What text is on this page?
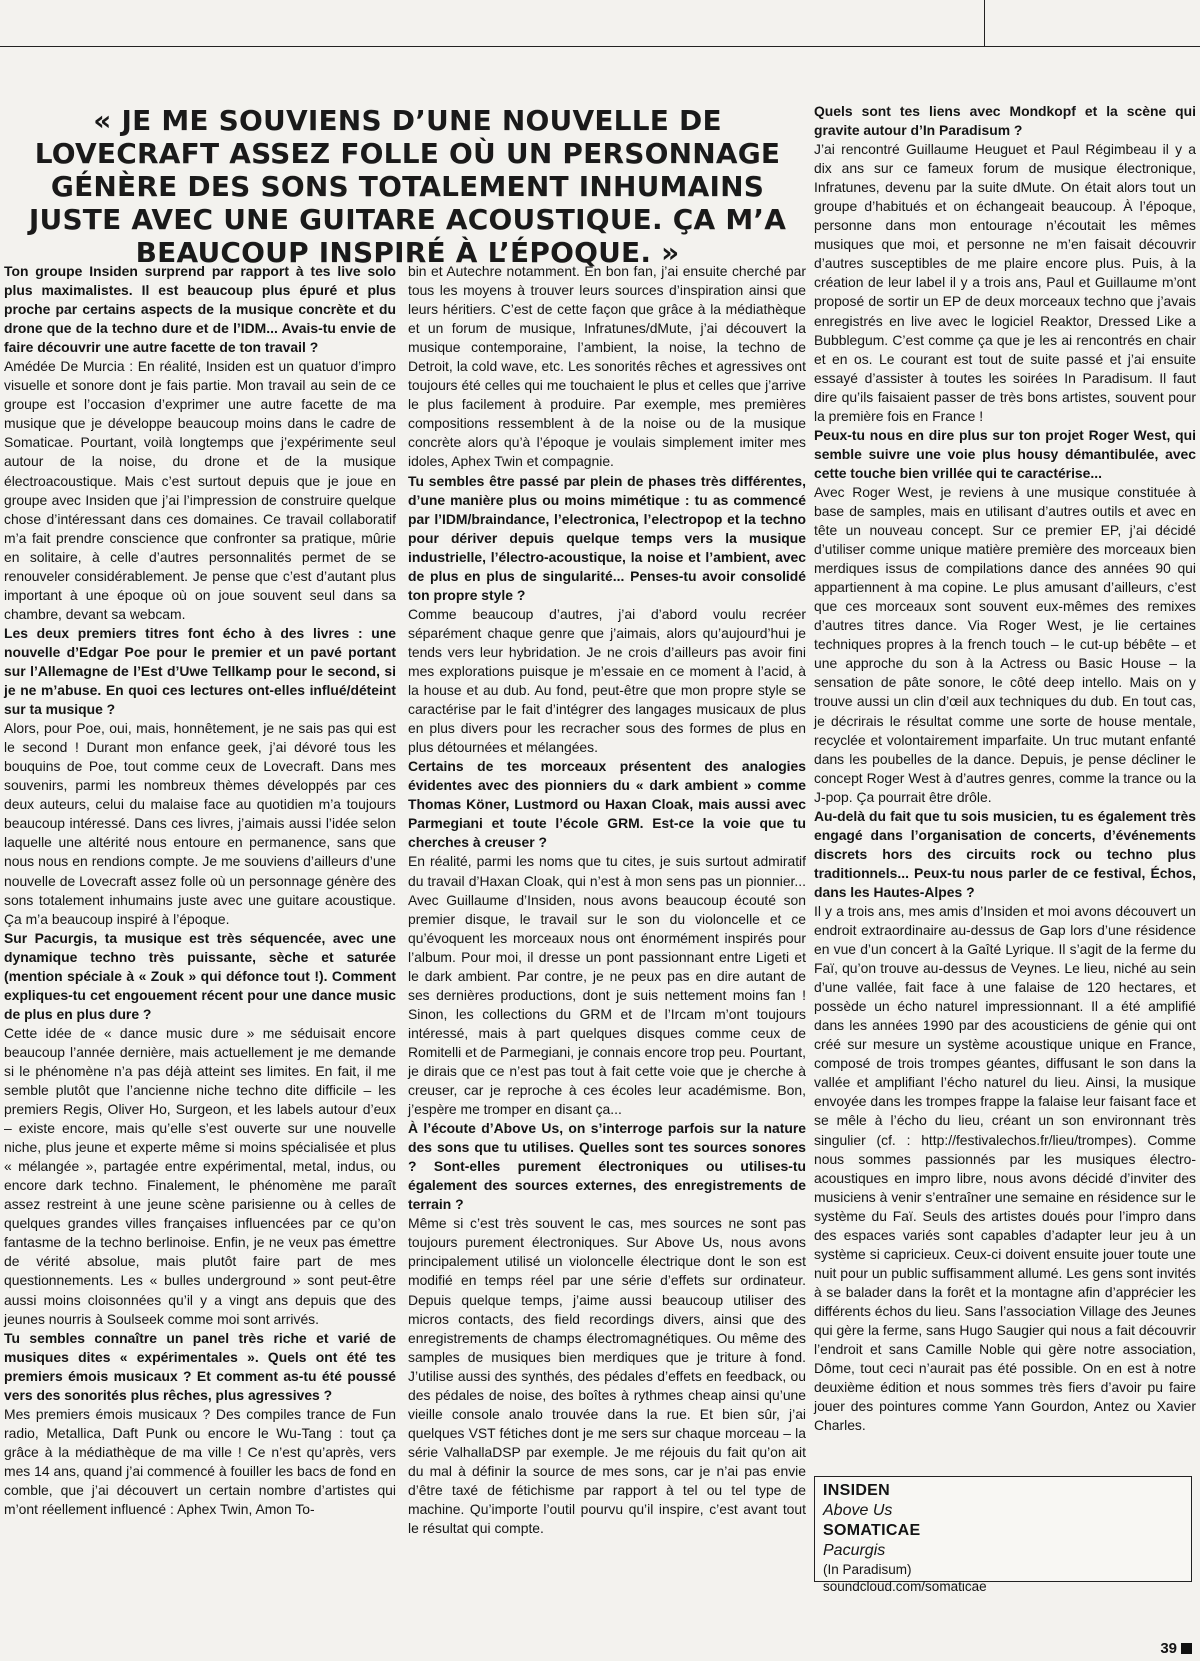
« JE ME SOUVIENS D’UNE NOUVELLE DE LOVECRAFT ASSEZ FOLLE OÙ UN PERSONNAGE GÉNÈRE DES SONS TOTALEMENT INHUMAINS JUSTE AVEC UNE GUITARE ACOUSTIQUE. ÇA M’A BEAUCOUP INSPIRÉ À L’ÉPOQUE. »

Ton groupe Insiden surprend par rapport à tes live solo plus maximalistes. Il est beaucoup plus épuré et plus proche par certains aspects de la musique concrète et du drone que de la techno dure et de l’IDM... Avais-tu envie de faire découvrir une autre facette de ton travail ?

Amédée De Murcia : En réalité, Insiden est un quatuor d’impro visuelle et sonore dont je fais partie. Mon travail au sein de ce groupe est l’occasion d’exprimer une autre facette de ma musique que je développe beaucoup moins dans le cadre de Somaticae. Pourtant, voilà longtemps que j’expérimente seul autour de la noise, du drone et de la musique électroacoustique. Mais c’est surtout depuis que je joue en groupe avec Insiden que j’ai l’impression de construire quelque chose d’intéressant dans ces domaines. Ce travail collaboratif m’a fait prendre conscience que confronter sa pratique, mûrie en solitaire, à celle d’autres personnalités permet de se renouveler considérablement. Je pense que c’est d’autant plus important à une époque où on joue souvent seul dans sa chambre, devant sa webcam.

Les deux premiers titres font écho à des livres : une nouvelle d’Edgar Poe pour le premier et un pavé portant sur l’Allemagne de l’Est d’Uwe Tellkamp pour le second, si je ne m’abuse. En quoi ces lectures ont-elles influé/déteint sur ta musique ?

Alors, pour Poe, oui, mais, honnêtement, je ne sais pas qui est le second ! Durant mon enfance geek, j’ai dévoré tous les bouquins de Poe, tout comme ceux de Lovecraft. Dans mes souvenirs, parmi les nombreux thèmes développés par ces deux auteurs, celui du malaise face au quotidien m’a toujours beaucoup intéressé. Dans ces livres, j’aimais aussi l’idée selon laquelle une altérité nous entoure en permanence, sans que nous nous en rendions compte. Je me souviens d’ailleurs d’une nouvelle de Lovecraft assez folle où un personnage génère des sons totalement inhumains juste avec une guitare acoustique. Ça m’a beaucoup inspiré à l’époque.

Sur Pacurgis, ta musique est très séquencée, avec une dynamique techno très puissante, sèche et saturée (mention spéciale à « Zouk » qui défonce tout !). Comment expliques-tu cet engouement récent pour une dance music de plus en plus dure ?

Cette idée de « dance music dure » me séduisait encore beaucoup l’année dernière, mais actuellement je me demande si le phénomène n’a pas déjà atteint ses limites. En fait, il me semble plutôt que l’ancienne niche techno dite difficile – les premiers Regis, Oliver Ho, Surgeon, et les labels autour d’eux – existe encore, mais qu’elle s’est ouverte sur une nouvelle niche, plus jeune et experte même si moins spécialisée et plus « mélangée », partagée entre expérimental, metal, indus, ou encore dark techno. Finalement, le phénomène me paraît assez restreint à une jeune scène parisienne ou à celles de quelques grandes villes françaises influencées par ce qu’on fantasme de la techno berlinoise. Enfin, je ne veux pas émettre de vérité absolue, mais plutôt faire part de mes questionnements. Les « bulles underground » sont peut-être aussi moins cloisonnées qu’il y a vingt ans depuis que des jeunes nourris à Soulseek comme moi sont arrivés.

Tu sembles connaître un panel très riche et varié de musiques dites « expérimentales ». Quels ont été tes premiers émois musicaux ? Et comment as-tu été poussé vers des sonorités plus rêches, plus agressives ?

Mes premiers émois musicaux ? Des compiles trance de Fun radio, Metallica, Daft Punk ou encore le Wu-Tang : tout ça grâce à la médiathèque de ma ville ! Ce n’est qu’après, vers mes 14 ans, quand j’ai commencé à fouiller les bacs de fond en comble, que j’ai découvert un certain nombre d’artistes qui m’ont réellement influencé : Aphex Twin, Amon To-

bin et Autechre notamment. En bon fan, j’ai ensuite cherché par tous les moyens à trouver leurs sources d’inspiration ainsi que leurs héritiers. C’est de cette façon que grâce à la médiathèque et un forum de musique, Infratunes/dMute, j’ai découvert la musique contemporaine, l’ambient, la noise, la techno de Detroit, la cold wave, etc. Les sonorités rêches et agressives ont toujours été celles qui me touchaient le plus et celles que j’arrive le plus facilement à produire. Par exemple, mes premières compositions ressemblent à de la noise ou de la musique concrète alors qu’à l’époque je voulais simplement imiter mes idoles, Aphex Twin et compagnie.

Tu sembles être passé par plein de phases très différentes, d’une manière plus ou moins mimétique : tu as commencé par l’IDM/braindance, l’electronica, l’electropop et la techno pour dériver depuis quelque temps vers la musique industrielle, l’électro-acoustique, la noise et l’ambient, avec de plus en plus de singularité... Penses-tu avoir consolidé ton propre style ?

Comme beaucoup d’autres, j’ai d’abord voulu recréer séparément chaque genre que j’aimais, alors qu’aujourd’hui je tends vers leur hybridation. Je ne crois d’ailleurs pas avoir fini mes explorations puisque je m’essaie en ce moment à l’acid, à la house et au dub. Au fond, peut-être que mon propre style se caractérise par le fait d’intégrer des langages musicaux de plus en plus divers pour les recracher sous des formes de plus en plus détournées et mélangées.

Certains de tes morceaux présentent des analogies évidentes avec des pionniers du « dark ambient » comme Thomas Köner, Lustmord ou Haxan Cloak, mais aussi avec Parmegiani et toute l’école GRM. Est-ce la voie que tu cherches à creuser ?

En réalité, parmi les noms que tu cites, je suis surtout admiratif du travail d’Haxan Cloak, qui n’est à mon sens pas un pionnier... Avec Guillaume d’Insiden, nous avons beaucoup écouté son premier disque, le travail sur le son du violoncelle et ce qu’évoquent les morceaux nous ont énormément inspirés pour l’album. Pour moi, il dresse un pont passionnant entre Ligeti et le dark ambient. Par contre, je ne peux pas en dire autant de ses dernières productions, dont je suis nettement moins fan ! Sinon, les collections du GRM et de l’Ircam m’ont toujours intéressé, mais à part quelques disques comme ceux de Romitelli et de Parmegiani, je connais encore trop peu. Pourtant, je dirais que ce n’est pas tout à fait cette voie que je cherche à creuser, car je reproche à ces écoles leur académisme. Bon, j’espère me tromper en disant ça...

À l’écoute d’Above Us, on s’interroge parfois sur la nature des sons que tu utilises. Quelles sont tes sources sonores ? Sont-elles purement électroniques ou utilises-tu également des sources externes, des enregistrements de terrain ?

Même si c’est très souvent le cas, mes sources ne sont pas toujours purement électroniques. Sur Above Us, nous avons principalement utilisé un violoncelle électrique dont le son est modifié en temps réel par une série d’effets sur ordinateur. Depuis quelque temps, j’aime aussi beaucoup utiliser des micros contacts, des field recordings divers, ainsi que des enregistrements de champs électromagnétiques. Ou même des samples de musiques bien merdiques que je triture à fond. J’utilise aussi des synthés, des pédales d’effets en feedback, ou des pédales de noise, des boîtes à rythmes cheap ainsi qu’une vieille console analo trouvée dans la rue. Et bien sûr, j’ai quelques VST fétiches dont je me sers sur chaque morceau – la série ValhallaDSP par exemple. Je me réjouis du fait qu’on ait du mal à définir la source de mes sons, car je n’ai pas envie d’être taxé de fétichisme par rapport à tel ou tel type de machine. Qu’importe l’outil pourvu qu’il inspire, c’est avant tout le résultat qui compte.

Quels sont tes liens avec Mondkopf et la scène qui gravite autour d’In Paradisum ?

J’ai rencontré Guillaume Heuguet et Paul Régimbeau il y a dix ans sur ce fameux forum de musique électronique, Infratunes, devenu par la suite dMute. On était alors tout un groupe d’habitués et on échangeait beaucoup. À l’époque, personne dans mon entourage n’écoutait les mêmes musiques que moi, et personne ne m’en faisait découvrir d’autres susceptibles de me plaire encore plus. Puis, à la création de leur label il y a trois ans, Paul et Guillaume m’ont proposé de sortir un EP de deux morceaux techno que j’avais enregistrés en live avec le logiciel Reaktor, Dressed Like a Bubblegum. C’est comme ça que je les ai rencontrés en chair et en os. Le courant est tout de suite passé et j’ai ensuite essayé d’assister à toutes les soirées In Paradisum. Il faut dire qu’ils faisaient passer de très bons artistes, souvent pour la première fois en France !

Peux-tu nous en dire plus sur ton projet Roger West, qui semble suivre une voie plus housy démantibulée, avec cette touche bien vrillée qui te caractérise...

Avec Roger West, je reviens à une musique constituée à base de samples, mais en utilisant d’autres outils et avec en tête un nouveau concept. Sur ce premier EP, j’ai décidé d’utiliser comme unique matière première des morceaux bien merdiques issus de compilations dance des années 90 qui appartiennent à ma copine. Le plus amusant d’ailleurs, c’est que ces morceaux sont souvent eux-mêmes des remixes d’autres titres dance. Via Roger West, je lie certaines techniques propres à la french touch – le cut-up bébête – et une approche du son à la Actress ou Basic House – la sensation de pâte sonore, le côté deep intello. Mais on y trouve aussi un clin d’œil aux techniques du dub. En tout cas, je décrirais le résultat comme une sorte de house mentale, recyclée et volontairement imparfaite. Un truc mutant enfanté dans les poubelles de la dance. Depuis, je pense décliner le concept Roger West à d’autres genres, comme la trance ou la J-pop. Ça pourrait être drôle.

Au-delà du fait que tu sois musicien, tu es également très engagé dans l’organisation de concerts, d’événements discrets hors des circuits rock ou techno plus traditionnels... Peux-tu nous parler de ce festival, Échos, dans les Hautes-Alpes ?

Il y a trois ans, mes amis d’Insiden et moi avons découvert un endroit extraordinaire au-dessus de Gap lors d’une résidence en vue d’un concert à la Gaîté Lyrique. Il s’agit de la ferme du Faï, qu’on trouve au-dessus de Veynes. Le lieu, niché au sein d’une vallée, fait face à une falaise de 120 hectares, et possède un écho naturel impressionnant. Il a été amplifié dans les années 1990 par des acousticiens de génie qui ont créé sur mesure un système acoustique unique en France, composé de trois trompes géantes, diffusant le son dans la vallée et amplifiant l’écho naturel du lieu. Ainsi, la musique envoyée dans les trompes frappe la falaise leur faisant face et se mêle à l’écho du lieu, créant un son environnant très singulier (cf. : http://festivalechos.fr/lieu/trompes). Comme nous sommes passionnés par les musiques électro-acoustiques en impro libre, nous avons décidé d’inviter des musiciens à venir s’entraîner une semaine en résidence sur le système du Faï. Seuls des artistes doués pour l’impro dans des espaces variés sont capables d’adapter leur jeu à un système si capricieux. Ceux-ci doivent ensuite jouer toute une nuit pour un public suffisamment allumé. Les gens sont invités à se balader dans la forêt et la montagne afin d’apprécier les différents échos du lieu. Sans l’association Village des Jeunes qui gère la ferme, sans Hugo Saugier qui nous a fait découvrir l’endroit et sans Camille Noble qui gère notre association, Dôme, tout ceci n’aurait pas été possible. On en est à notre deuxième édition et nous sommes très fiers d’avoir pu faire jouer des pointures comme Yann Gourdon, Antez ou Xavier Charles.

INSIDEN
Above Us
SOMATICAE
Pacurgis
(In Paradisum)
soundcloud.com/somaticae
39
